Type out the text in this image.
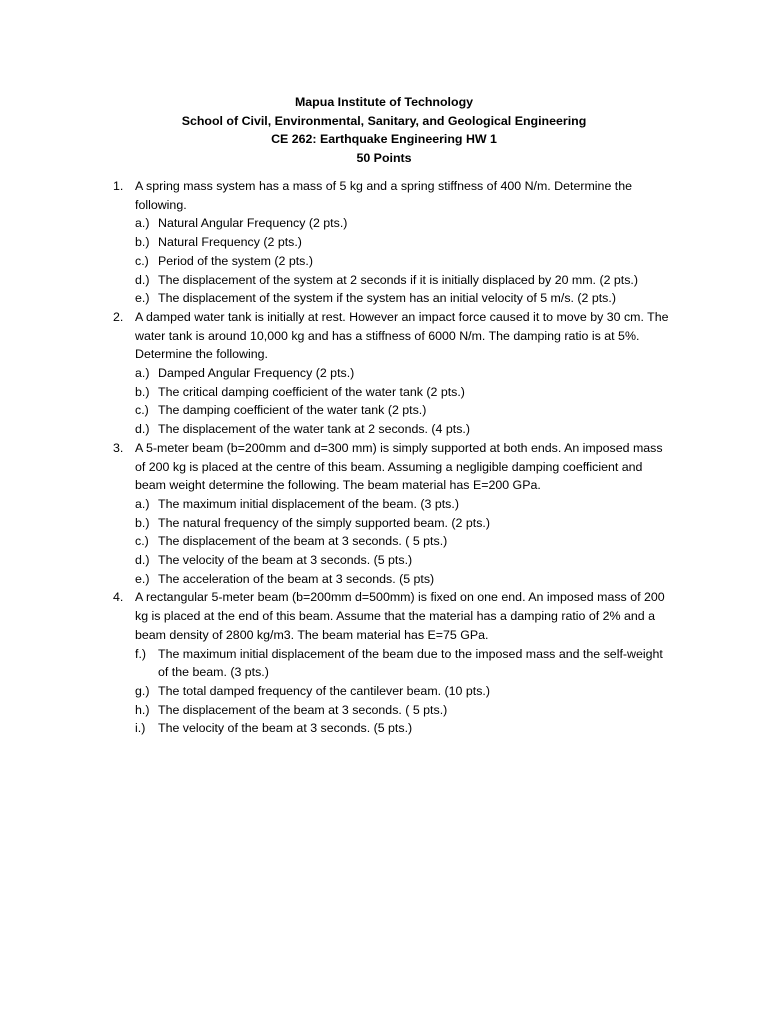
Mapua Institute of Technology
School of Civil, Environmental, Sanitary, and Geological Engineering
CE 262: Earthquake Engineering HW 1
50 Points
1. A spring mass system has a mass of 5 kg and a spring stiffness of 400 N/m. Determine the following.
a.) Natural Angular Frequency (2 pts.)
b.) Natural Frequency (2 pts.)
c.) Period of the system (2 pts.)
d.) The displacement of the system at 2 seconds if it is initially displaced by 20 mm. (2 pts.)
e.) The displacement of the system if the system has an initial velocity of 5 m/s. (2 pts.)
2. A damped water tank is initially at rest. However an impact force caused it to move by 30 cm. The water tank is around 10,000 kg and has a stiffness of 6000 N/m. The damping ratio is at 5%. Determine the following.
a.) Damped Angular Frequency (2 pts.)
b.) The critical damping coefficient of the water tank (2 pts.)
c.) The damping coefficient of the water tank (2 pts.)
d.) The displacement of the water tank at 2 seconds. (4 pts.)
3. A 5-meter beam (b=200mm and d=300 mm) is simply supported at both ends. An imposed mass of 200 kg is placed at the centre of this beam. Assuming a negligible damping coefficient and beam weight determine the following. The beam material has E=200 GPa.
a.) The maximum initial displacement of the beam. (3 pts.)
b.) The natural frequency of the simply supported beam. (2 pts.)
c.) The displacement of the beam at 3 seconds. ( 5 pts.)
d.) The velocity of the beam at 3 seconds. (5 pts.)
e.) The acceleration of the beam at 3 seconds. (5 pts)
4. A rectangular 5-meter beam (b=200mm d=500mm) is fixed on one end. An imposed mass of 200 kg is placed at the end of this beam. Assume that the material has a damping ratio of 2% and a beam density of 2800 kg/m3. The beam material has E=75 GPa.
f.) The maximum initial displacement of the beam due to the imposed mass and the self-weight of the beam. (3 pts.)
g.) The total damped frequency of the cantilever beam. (10 pts.)
h.) The displacement of the beam at 3 seconds. ( 5 pts.)
i.)	The velocity of the beam at 3 seconds. (5 pts.)
